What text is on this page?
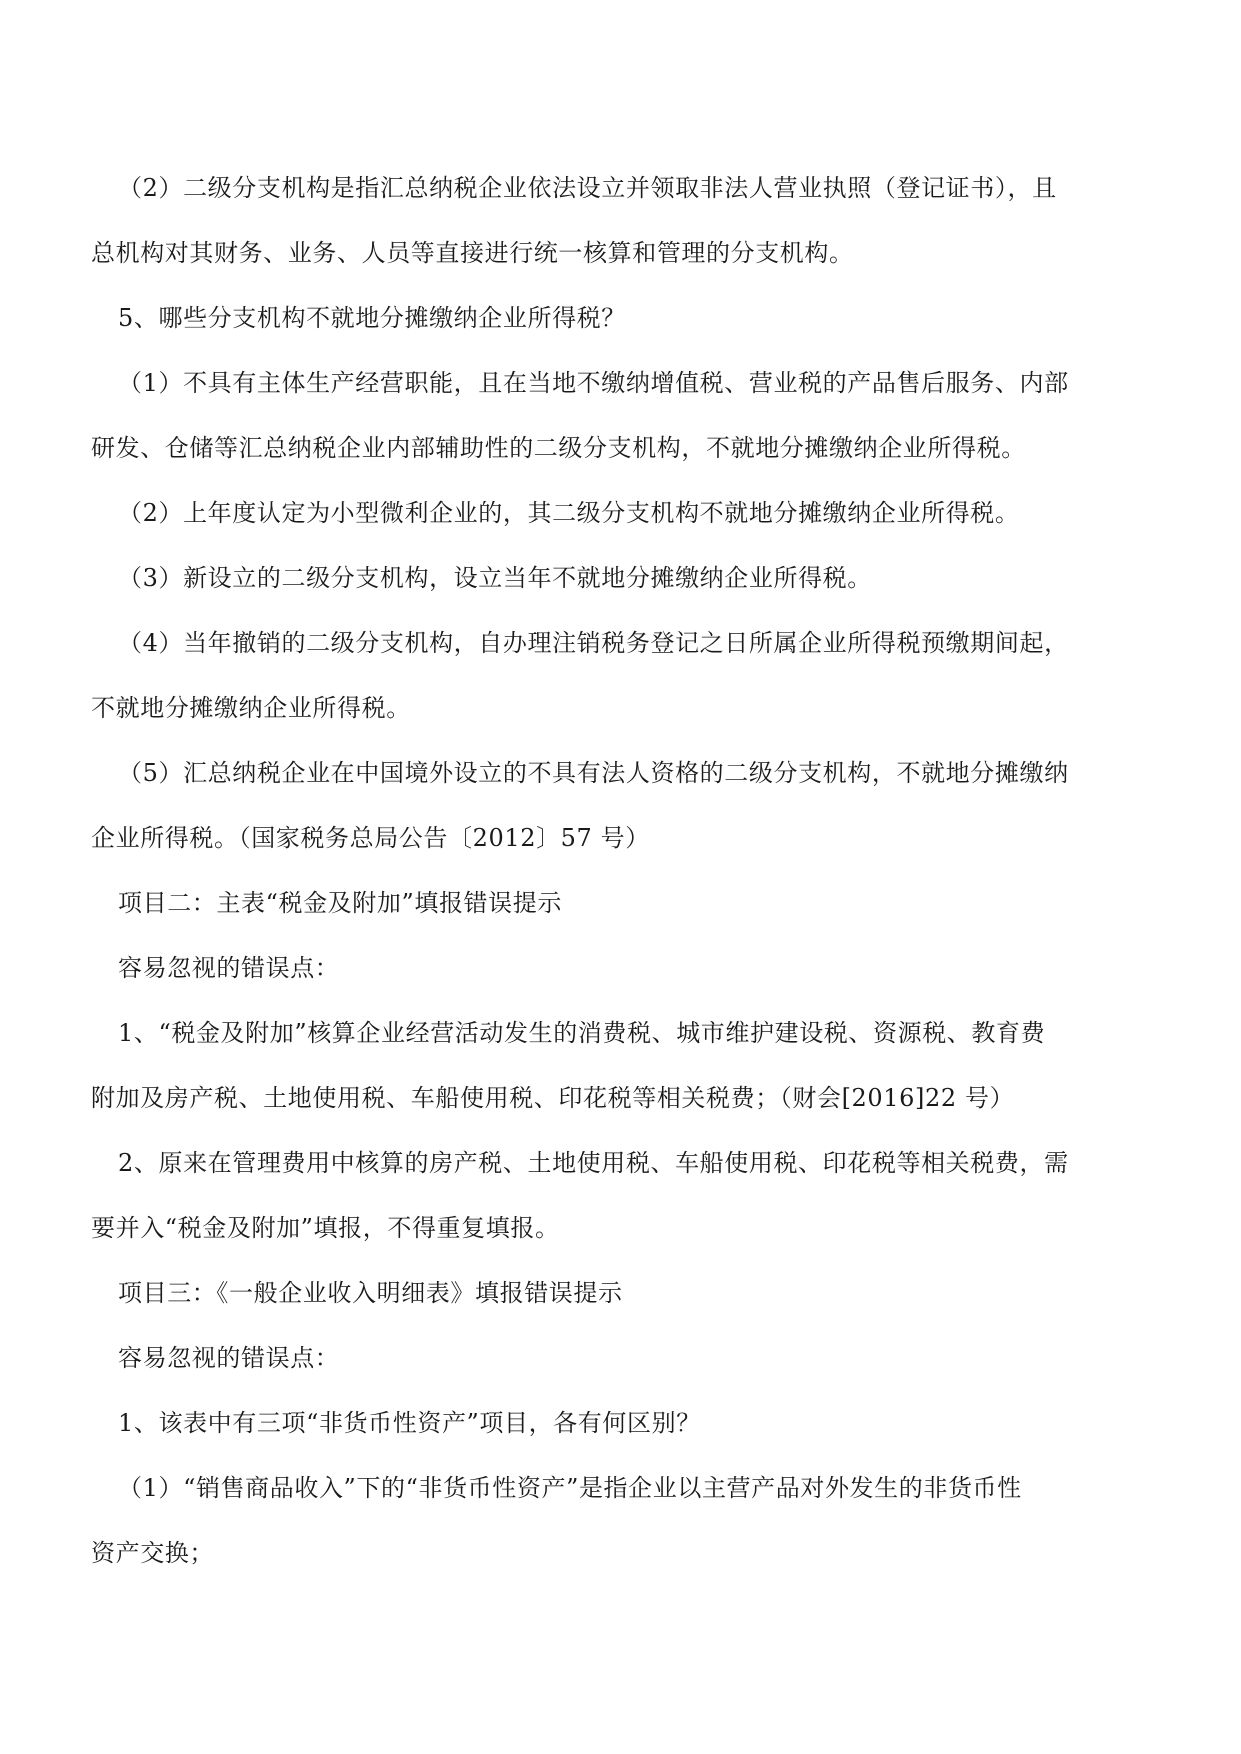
（2）二级分支机构是指汇总纳税企业依法设立并领取非法人营业执照（登记证书），且
总机构对其财务、业务、人员等直接进行统一核算和管理的分支机构。
5、哪些分支机构不就地分摊缴纳企业所得税？
（1）不具有主体生产经营职能，且在当地不缴纳增值税、营业税的产品售后服务、内部
研发、仓储等汇总纳税企业内部辅助性的二级分支机构，不就地分摊缴纳企业所得税。
（2）上年度认定为小型微利企业的，其二级分支机构不就地分摊缴纳企业所得税。
（3）新设立的二级分支机构，设立当年不就地分摊缴纳企业所得税。
（4）当年撤销的二级分支机构，自办理注销税务登记之日所属企业所得税预缴期间起，
不就地分摊缴纳企业所得税。
（5）汇总纳税企业在中国境外设立的不具有法人资格的二级分支机构，不就地分摊缴纳
企业所得税。（国家税务总局公告〔2012〕57 号）
项目二：主表“税金及附加”填报错误提示
容易忽视的错误点：
1、“税金及附加”核算企业经营活动发生的消费税、城市维护建设税、资源税、教育费
附加及房产税、土地使用税、车船使用税、印花税等相关税费；（财会[2016]22 号）
2、原来在管理费用中核算的房产税、土地使用税、车船使用税、印花税等相关税费，需
要并入“税金及附加”填报，不得重复填报。
项目三：《一般企业收入明细表》填报错误提示
容易忽视的错误点：
1、该表中有三项“非货币性资产”项目，各有何区别？
（1）“销售商品收入”下的“非货币性资产”是指企业以主营产品对外发生的非货币性
资产交换；
